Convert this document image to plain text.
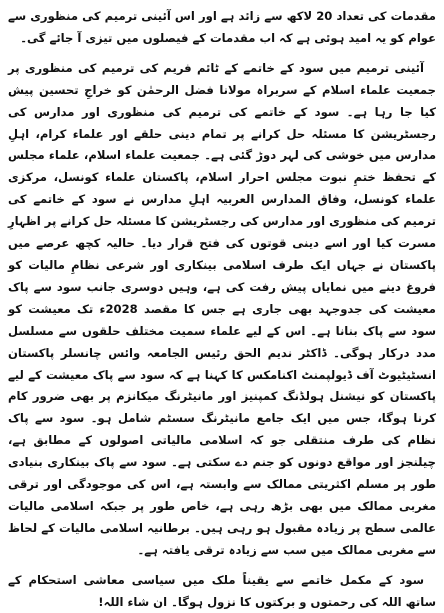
مقدمات کی تعداد 20 لاکھ سے زائد ہے اور اس آئینی ترمیم کی منظوری سے عوام کو یہ امید ہوئی ہے کہ اب مقدمات کے فیصلوں میں تیزی آ جائے گی۔

آئینی ترمیم میں سود کے خاتمے کے ٹائم فریم کی ترمیم کی منظوری پر جمعیت علماء اسلام کے سربراہ مولانا فضل الرحمٰن کو خراجِ تحسین پیش کیا جا رہا ہے۔ سود کے خاتمے کی ترمیم کی منظوری اور مدارس کی رجسٹریشن کا مسئلہ حل کرانے پر تمام دینی حلقے اور علماء کرام، اہلِ مدارس میں خوشی کی لہر دوڑ گئی ہے۔ جمعیت علماء اسلام، علماء مجلس کے تحفظ ختمِ نبوت مجلس احرار اسلام، پاکستان علماء کونسل، مرکزی علماء کونسل، وفاق المدارس العربیہ اہلِ مدارس نے سود کے خاتمے کی ترمیم کی منظوری اور مدارس کی رجسٹریشن کا مسئلہ حل کرانے پر اظہارِ مسرت کیا اور اسے دینی قوتوں کی فتح قرار دیا۔ حالیہ کچھ عرصے میں پاکستان نے جہاں ایک طرف اسلامی بینکاری اور شرعی نظامِ مالیات کو فروغ دینے میں نمایاں پیش رفت کی ہے، وہیں دوسری جانب سود سے پاک معیشت کی جدوجہد بھی جاری ہے جس کا مقصد 2028ء تک معیشت کو سود سے پاک بنانا ہے۔ اس کے لیے علماء سمیت مختلف حلقوں سے مسلسل مدد درکار ہوگی۔ ڈاکٹر ندیم الحق رئیس الجامعہ وائس چانسلر پاکستان انسٹیٹیوٹ آف ڈیولپمنٹ اکنامکس کا کہنا ہے کہ سود سے پاک معیشت کے لیے پاکستان کو نیشنل ہولڈنگ کمپنیز اور مانیٹرنگ میکانزم پر بھی ضرور کام کرنا ہوگا، جس میں ایک جامع مانیٹرنگ سسٹم شامل ہو۔ سود سے پاک نظام کی طرف منتقلی جو کہ اسلامی مالیاتی اصولوں کے مطابق ہے، چیلنجز اور مواقع دونوں کو جنم دے سکتی ہے۔ سود سے پاک بینکاری بنیادی طور پر مسلم اکثریتی ممالک سے وابستہ ہے، اس کی موجودگی اور ترقی مغربی ممالک میں بھی بڑھ رہی ہے، خاص طور پر جبکہ اسلامی مالیات عالمی سطح پر زیادہ مقبول ہو رہی ہیں۔ برطانیہ اسلامی مالیات کے لحاظ سے مغربی ممالک میں سب سے زیادہ ترقی یافتہ ہے۔

سود کے مکمل خاتمے سے یقیناً ملک میں سیاسی معاشی استحکام کے ساتھ اللہ کی رحمتوں و برکتوں کا نزول ہوگا۔ ان شاء اللہ!
